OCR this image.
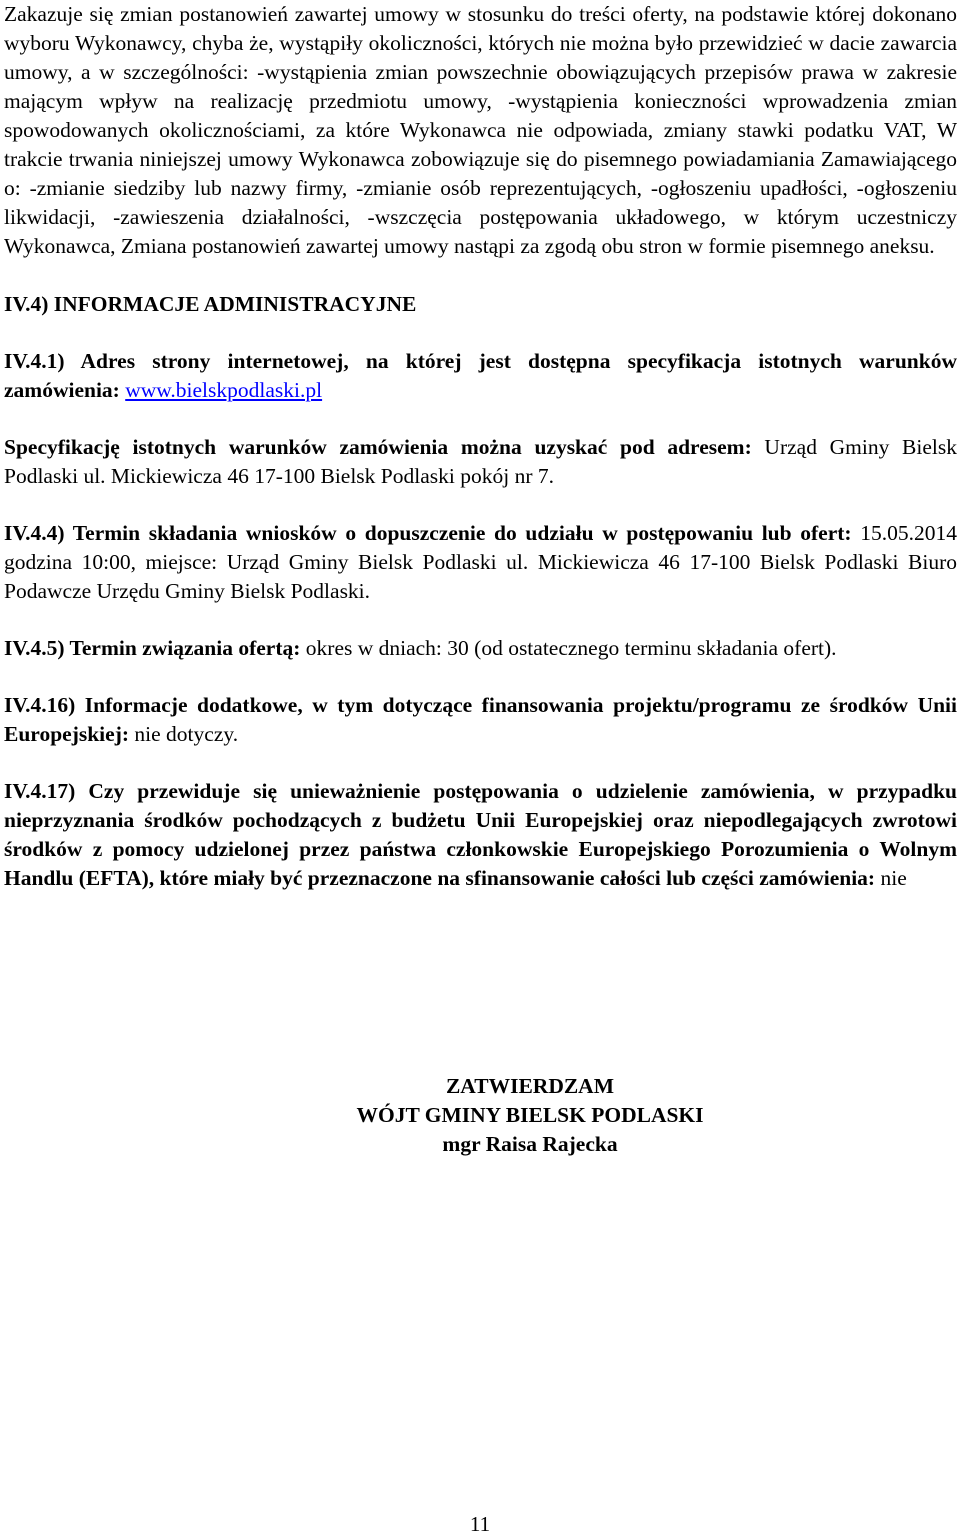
Zakazuje się zmian postanowień zawartej umowy w stosunku do treści oferty, na podstawie której dokonano wyboru Wykonawcy, chyba że, wystąpiły okoliczności, których nie można było przewidzieć w dacie zawarcia umowy, a w szczególności: -wystąpienia zmian powszechnie obowiązujących przepisów prawa w zakresie mającym wpływ na realizację przedmiotu umowy, -wystąpienia konieczności wprowadzenia zmian spowodowanych okolicznościami, za które Wykonawca nie odpowiada, zmiany stawki podatku VAT, W trakcie trwania niniejszej umowy Wykonawca zobowiązuje się do pisemnego powiadamiania Zamawiającego o: -zmianie siedziby lub nazwy firmy, -zmianie osób reprezentujących, -ogłoszeniu upadłości, -ogłoszeniu likwidacji, -zawieszenia działalności, -wszczęcia postępowania układowego, w którym uczestniczy Wykonawca, Zmiana postanowień zawartej umowy nastąpi za zgodą obu stron w formie pisemnego aneksu.

IV.4) INFORMACJE ADMINISTRACYJNE

IV.4.1) Adres strony internetowej, na której jest dostępna specyfikacja istotnych warunków zamówienia: www.bielskpodlaski.pl

Specyfikację istotnych warunków zamówienia można uzyskać pod adresem: Urząd Gminy Bielsk Podlaski ul. Mickiewicza 46 17-100 Bielsk Podlaski pokój nr 7.

IV.4.4) Termin składania wniosków o dopuszczenie do udziału w postępowaniu lub ofert: 15.05.2014 godzina 10:00, miejsce: Urząd Gminy Bielsk Podlaski ul. Mickiewicza 46 17-100 Bielsk Podlaski Biuro Podawcze Urzędu Gminy Bielsk Podlaski.

IV.4.5) Termin związania ofertą: okres w dniach: 30 (od ostatecznego terminu składania ofert).

IV.4.16) Informacje dodatkowe, w tym dotyczące finansowania projektu/programu ze środków Unii Europejskiej: nie dotyczy.

IV.4.17) Czy przewiduje się unieważnienie postępowania o udzielenie zamówienia, w przypadku nieprzyznania środków pochodzących z budżetu Unii Europejskiej oraz niepodlegających zwrotowi środków z pomocy udzielonej przez państwa członkowskie Europejskiego Porozumienia o Wolnym Handlu (EFTA), które miały być przeznaczone na sfinansowanie całości lub części zamówienia: nie

ZATWIERDZAM
WÓJT GMINY BIELSK PODLASKI
mgr Raisa Rajecka
11
